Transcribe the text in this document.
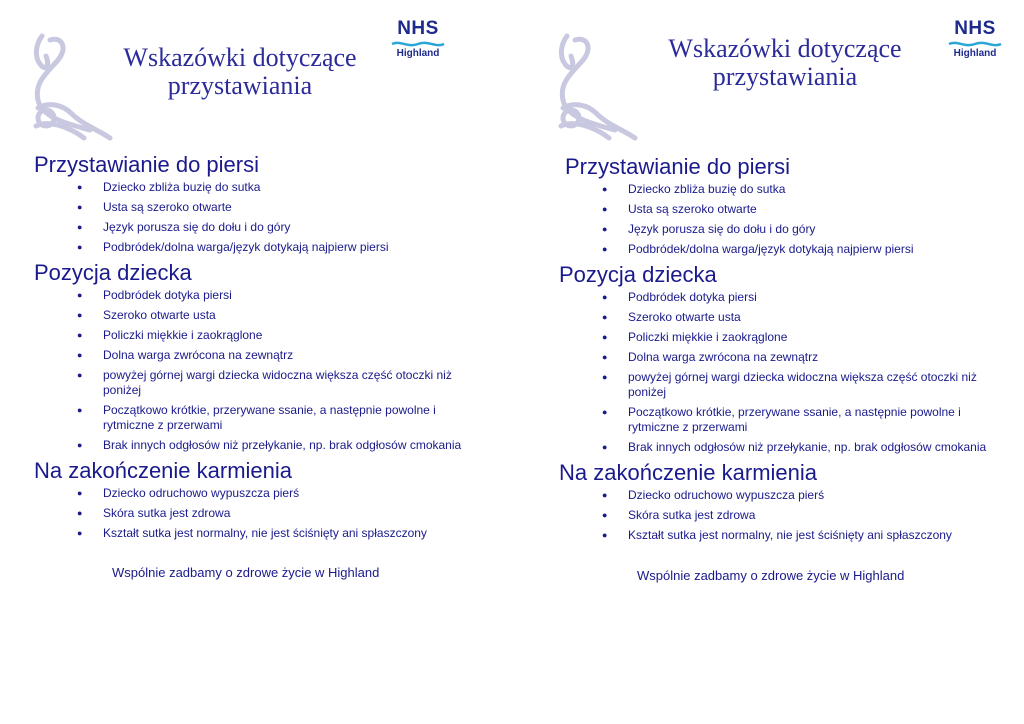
Wskazówki dotyczące
przystawiania
NHS
Highland
Przystawianie do piersi
● Dziecko zbliża buzię do sutka
● Usta są szeroko otwarte
● Język porusza się do dołu i do góry
● Podbródek/dolna warga/język dotykają najpierw piersi
Pozycja dziecka
● Podbródek dotyka piersi
● Szeroko otwarte usta
● Policzki miękkie i zaokrąglone
● Dolna warga zwrócona na zewnątrz
● powyżej górnej wargi dziecka widoczna większa część otoczki niż poniżej
● Początkowo krótkie, przerywane ssanie, a następnie powolne i rytmiczne z przerwami
● Brak innych odgłosów niż przełykanie, np. brak odgłosów cmokania
Na zakończenie karmienia
● Dziecko odruchowo wypuszcza pierś
● Skóra sutka jest zdrowa
● Kształt sutka jest normalny, nie jest ściśnięty ani spłaszczony
Wspólnie zadbamy o zdrowe życie w Highland
Wskazówki dotyczące
przystawiania
NHS
Highland
Przystawianie do piersi
● Dziecko zbliża buzię do sutka
● Usta są szeroko otwarte
● Język porusza się do dołu i do góry
● Podbródek/dolna warga/język dotykają najpierw piersi
Pozycja dziecka
● Podbródek dotyka piersi
● Szeroko otwarte usta
● Policzki miękkie i zaokrąglone
● Dolna warga zwrócona na zewnątrz
● powyżej górnej wargi dziecka widoczna większa część otoczki niż poniżej
● Początkowo krótkie, przerywane ssanie, a następnie powolne i rytmiczne z przerwami
● Brak innych odgłosów niż przełykanie, np. brak odgłosów cmokania
Na zakończenie karmienia
● Dziecko odruchowo wypuszcza pierś
● Skóra sutka jest zdrowa
● Kształt sutka jest normalny, nie jest ściśnięty ani spłaszczony
Wspólnie zadbamy o zdrowe życie w Highland
